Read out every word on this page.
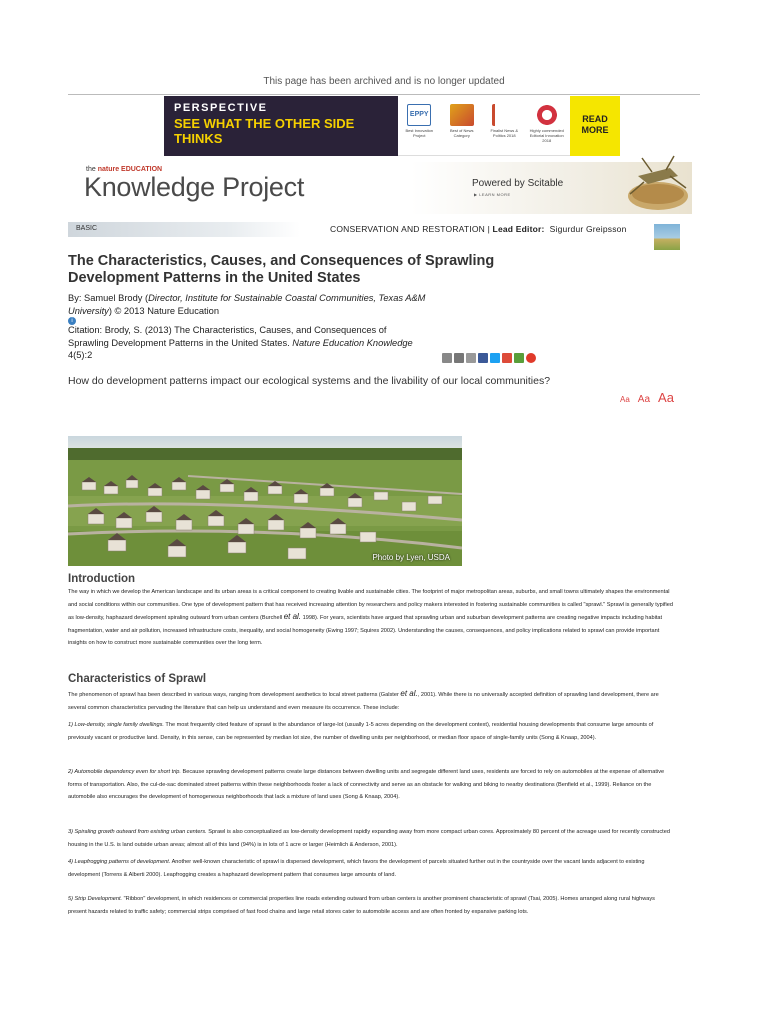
This page has been archived and is no longer updated
PERSPECTIVE
SEE WHAT THE OTHER SIDE THINKS
EPPY
Best Innovation Project
Best of News Category
Finalist News & Politics 2018
Highly commended Editorial Innovation 2018
READ MORE
the nature EDUCATION
Knowledge Project	Powered by Scitable
▶ LEARN MORE
BASIC	CONSERVATION AND RESTORATION | Lead Editor: Sigurdur Greipsson
The Characteristics, Causes, and Consequences of Sprawling Development Patterns in the United States
By: Samuel Brody (Director, Institute for Sustainable Coastal Communities, Texas A&M University) © 2013 Nature Education
i
Citation: Brody, S. (2013) The Characteristics, Causes, and Consequences of Sprawling Development Patterns in the United States. Nature Education Knowledge 4(5):2
How do development patterns impact our ecological systems and the livability of our local communities?
Aa Aa Aa
Photo by Lyen, USDA
Introduction
The way in which we develop the American landscape and its urban areas is a critical component to creating livable and sustainable cities. The footprint of major metropolitan areas, suburbs, and small towns ultimately shapes the environmental and social conditions within our communities. One type of development pattern that has received increasing attention by researchers and policy makers interested in fostering sustainable communities is called "sprawl." Sprawl is generally typified as low-density, haphazard development spiraling outward from urban centers (Burchell et al. 1998). For years, scientists have argued that sprawling urban and suburban development patterns are creating negative impacts including habitat fragmentation, water and air pollution, increased infrastructure costs, inequality, and social homogeneity (Ewing 1997; Squires 2002). Understanding the causes, consequences, and policy implications related to sprawl can provide important insights on how to construct more sustainable communities over the long term.
Characteristics of Sprawl
The phenomenon of sprawl has been described in various ways, ranging from development aesthetics to local street patterns (Galster et al., 2001). While there is no universally accepted definition of sprawling land development, there are several common characteristics pervading the literature that can help us understand and even measure its occurrence. These include:
1) Low-density, single family dwellings. The most frequently cited feature of sprawl is the abundance of large-lot (usually 1-5 acres depending on the development context), residential housing developments that consume large amounts of previously vacant or productive land. Density, in this sense, can be represented by median lot size, the number of dwelling units per neighborhood, or median floor space of single-family units (Song & Knaap, 2004).
2) Automobile dependency even for short trip. Because sprawling development patterns create large distances between dwelling units and segregate different land uses, residents are forced to rely on automobiles at the expense of alternative forms of transportation. Also, the cul-de-sac dominated street patterns within these neighborhoods foster a lack of connectivity and serve as an obstacle for walking and biking to nearby destinations (Benfield et al., 1999). Reliance on the automobile also encourages the development of homogeneous neighborhoods that lack a mixture of land uses (Song & Knaap, 2004).
3) Spiraling growth outward from existing urban centers. Sprawl is also conceptualized as low-density development rapidly expanding away from more compact urban cores. Approximately 80 percent of the acreage used for recently constructed housing in the U.S. is land outside urban areas; almost all of this land (94%) is in lots of 1 acre or larger (Heimlich & Anderson, 2001).
4) Leapfrogging patterns of development. Another well-known characteristic of sprawl is dispersed development, which favors the development of parcels situated further out in the countryside over the vacant lands adjacent to existing development (Torrens & Alberti 2000). Leapfrogging creates a haphazard development pattern that consumes large amounts of land.
5) Strip Development. "Ribbon" development, in which residences or commercial properties line roads extending outward from urban centers is another prominent characteristic of sprawl (Tsai, 2005). Homes arranged along rural highways present hazards related to traffic safety; commercial strips comprised of fast food chains and large retail stores cater to automobile access and are often fronted by expansive parking lots.
